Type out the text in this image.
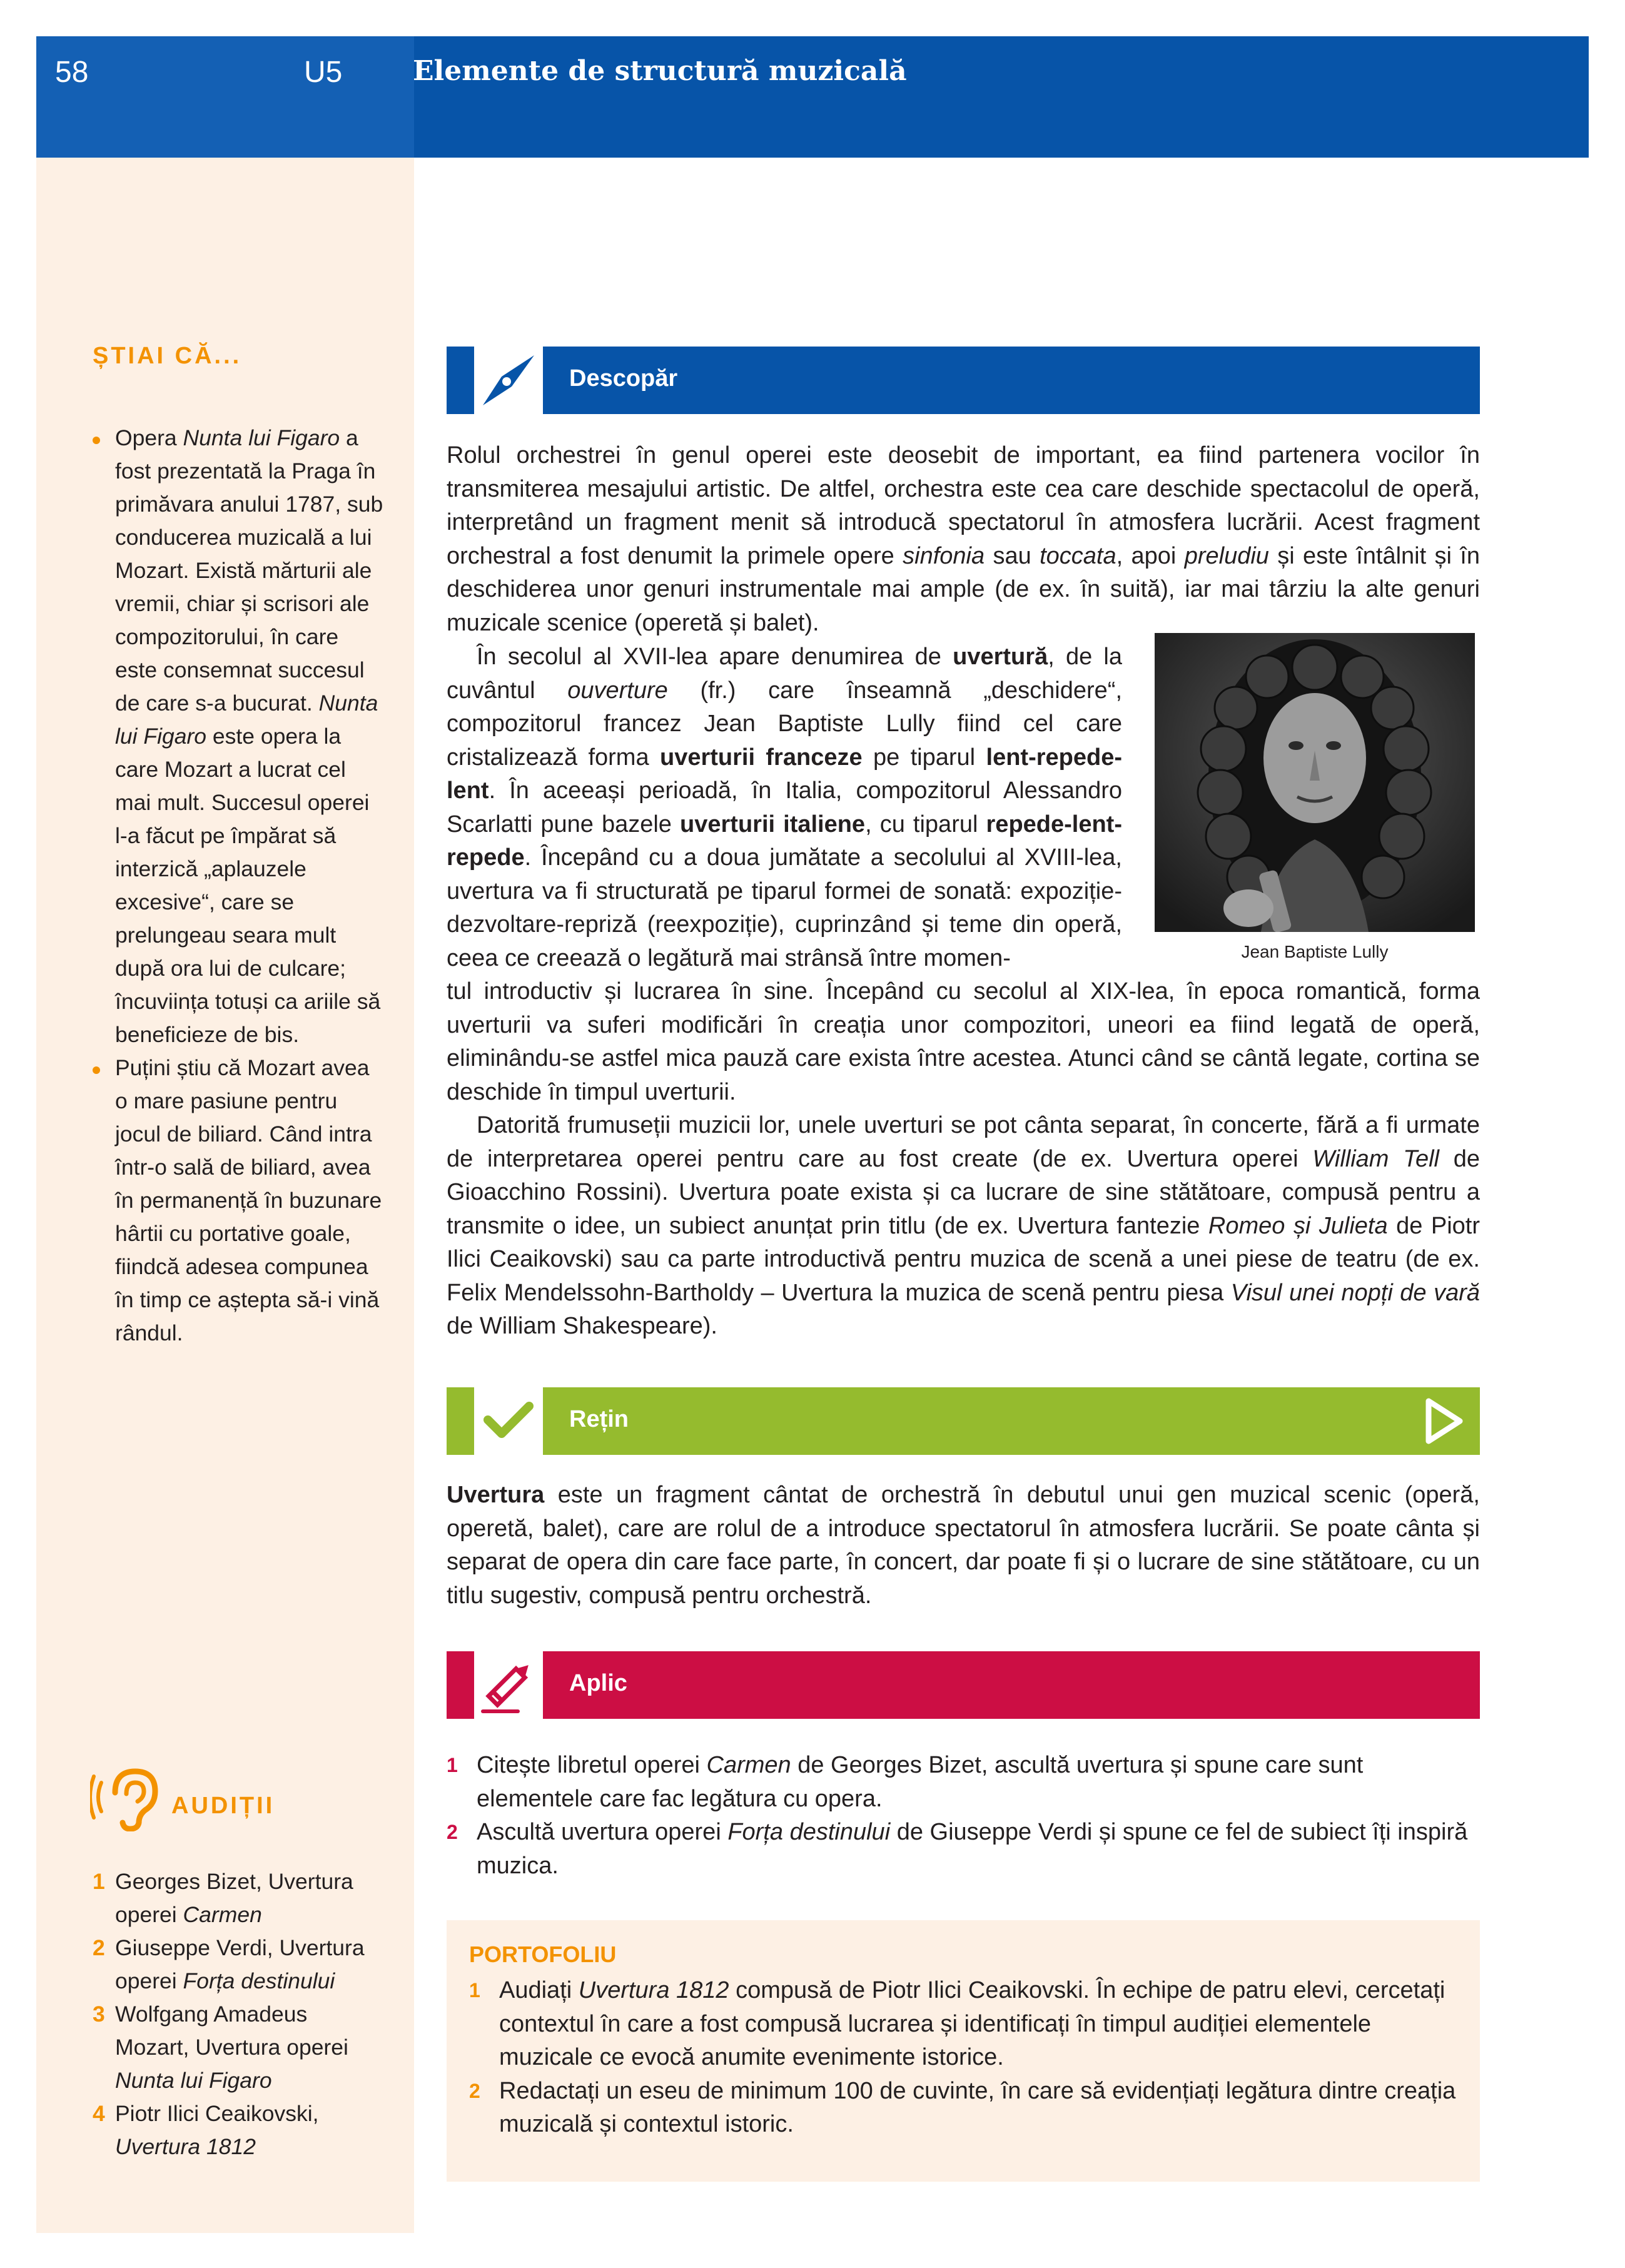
58	U5	Elemente de structură muzicală
ȘTIAI CĂ...
Opera Nunta lui Figaro a fost prezentată la Praga în primăvara anului 1787, sub conducerea muzicală a lui Mozart. Există mărturii ale vremii, chiar și scrisori ale compozitorului, în care este consemnat succesul de care s-a bucurat. Nunta lui Figaro este opera la care Mozart a lucrat cel mai mult. Succesul operei l-a făcut pe împărat să interzică „aplauzele excesive“, care se prelungeau seara mult după ora lui de culcare; încuviința totuși ca ariile să beneficieze de bis.
Puțini știu că Mozart avea o mare pasiune pentru jocul de biliard. Când intra într-o sală de biliard, avea în permanență în buzunare hârtii cu portative goale, fiindcă adesea compunea în timp ce aștepta să-i vină rândul.
AUDIȚII
1 Georges Bizet, Uvertura operei Carmen
2 Giuseppe Verdi, Uvertura operei Forța destinului
3 Wolfgang Amadeus Mozart, Uvertura operei Nunta lui Figaro
4 Piotr Ilici Ceaikovski, Uvertura 1812
Descopăr

Rolul orchestrei în genul operei este deosebit de important, ea fiind partenera vocilor în transmiterea mesajului artistic. De altfel, orchestra este cea care deschide spectacolul de operă, interpretând un fragment menit să introducă spectatorul în atmosfera lucrării. Acest fragment orchestral a fost denumit la primele opere sinfonia sau toccata, apoi preludiu și este întâlnit și în deschiderea unor genuri instrumentale mai ample (de ex. în suită), iar mai târziu la alte genuri muzicale scenice (operetă și balet).

În secolul al XVII-lea apare denumirea de uvertură, de la cuvântul ouverture (fr.) care înseamnă „deschidere“, compozitorul francez Jean Baptiste Lully fiind cel care cristalizează forma uverturii franceze pe tiparul lent-repede-lent. În aceeași perioadă, în Italia, compozitorul Alessandro Scarlatti pune bazele uverturii italiene, cu tiparul repede-lent-repede. Începând cu a doua jumătate a secolului al XVIII-lea, uvertura va fi structurată pe tiparul formei de sonată: expoziție-dezvoltare-repriză (reexpoziție), cuprinzând și teme din operă, ceea ce creează o legătură mai strânsă între momen-	Jean Baptiste Lully

tul introductiv și lucrarea în sine. Începând cu secolul al XIX-lea, în epoca romantică, forma uverturii va suferi modificări în creația unor compozitori, uneori ea fiind legată de operă, eliminându-se astfel mica pauză care exista între acestea. Atunci când se cântă legate, cortina se deschide în timpul uverturii.

Datorită frumuseții muzicii lor, unele uverturi se pot cânta separat, în concerte, fără a fi urmate de interpretarea operei pentru care au fost create (de ex. Uvertura operei William Tell de Gioacchino Rossini). Uvertura poate exista și ca lucrare de sine stătătoare, compusă pentru a transmite o idee, un subiect anunțat prin titlu (de ex. Uvertura fantezie Romeo și Julieta de Piotr Ilici Ceaikovski) sau ca parte introductivă pentru muzica de scenă a unei piese de teatru (de ex. Felix Mendelssohn-Bartholdy – Uvertura la muzica de scenă pentru piesa Visul unei nopți de vară de William Shakespeare).

Rețin

Uvertura este un fragment cântat de orchestră în debutul unui gen muzical scenic (operă, operetă, balet), care are rolul de a introduce spectatorul în atmosfera lucrării. Se poate cânta și separat de opera din care face parte, în concert, dar poate fi și o lucrare de sine stătătoare, cu un titlu sugestiv, compusă pentru orchestră.

Aplic
1 Citește libretul operei Carmen de Georges Bizet, ascultă uvertura și spune care sunt elementele care fac legătura cu opera.
2 Ascultă uvertura operei Forța destinului de Giuseppe Verdi și spune ce fel de subiect îți inspiră muzica.
PORTOFOLIU
1 Audiați Uvertura 1812 compusă de Piotr Ilici Ceaikovski. În echipe de patru elevi, cercetați contextul în care a fost compusă lucrarea și identificați în timpul audiției elementele muzicale ce evocă anumite evenimente istorice.
2 Redactați un eseu de minimum 100 de cuvinte, în care să evidențiați legătura dintre creația muzicală și contextul istoric.
